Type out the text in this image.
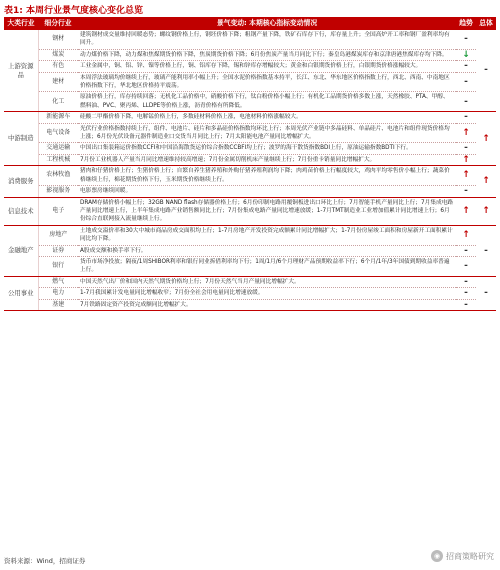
表1: 本周行业景气度核心变化总览
大类行业	细分行业	景气变动: 本期核心指标变动情况	趋势	总体
上游资源品	钢材	建筑钢材成交量维持回暖态势；螺纹钢价格上行，钢坯价格下降；粗钢产量下降，铁矿石库存下行，库存量上升；全国高炉开工率和钢厂盈利率均有回升。	-	-
	煤炭	动力煤价格下降，动力煤和焦煤期货价格下降，焦炭期货价格下降；6月份焦炭产量当月同比下行；秦皇岛港煤炭库存和京津唐港焦煤库存均下降。	↓	
	有色	工业金属中，铜、铝、锌、镍等价格上行，铜、铝库存下降，锡和锌库存增幅较大；黄金和白银期货价格上行，白银期货价格涨幅较大。	-	
	建材	本周浮法玻璃均价继续上行，玻璃产能利用率小幅上升；全国水泥价格指数基本持平，长江、东北、华东地区价格指数上行，西北、西南、中南地区价格指数下行，华北地区价格持平震荡。	-	
	化工	原油价格上行，库存持续回落；无机化工品价格中，硝酸价格下行，钛白粉价格小幅上行；有机化工品期货价格多数上涨，天然橡胶、PTA、甲醇、燃料油、PVC、聚丙烯、LLDPE等价格上涨，沥青价格有所降低。	-	
中游制造	新能源车	硅酸二甲酯价格下降，电解锰价格上行，多数硅材料价格上涨，电池材料价格涨幅较大。	-	↑
	电气设备	光伏行业价格指数持续上行，组件、电池片、硅片和多晶硅价格指数均环比上行；本周光伏产业链中多晶硅料、单晶硅片、电池片和组件现货价格均上涨；6月份光伏设备元器件制造业口交货当月同比上行；7月太阳能电池产量同比增幅扩大。	↑	
	交通运输	中国出口集装箱运价指数CCFI和中国沿海散货运价综合指数CCBFI均上行；波罗的海干散货指数BDI上行，原油运输指数BDTI下行。	-	
	工程机械	7月份工业机器人产量当月同比增速维持较高增速；7月份金属切削机床产量继续上行；7月份重卡销量同比增幅扩大。	↑	
消费服务	农林牧渔	猪肉和仔猪价格上行；生猪价格上行；自繁自养生猪养殖和外购仔猪养殖利润均下降；肉鸡苗价格上行幅度较大，鸡肉平均零售价小幅上行；蔬菜价格继续上行，棉花期货价格下行，玉米期货价格继续上行。	↑	↑
	影视服务	电影票房继续回暖。	-	
信息技术	电子	DRAM存储价格小幅上行；32GB NAND flash存储器价格上行；6月份印制电路用覆铜板进出口环比上行；7月智能手机产量同比上行；7月集成电路产量同比增速上行，上半年集成电路产业销售额同比上行；7月份集成电路产量同比增速放缓；1-7月TMT制造业工业增加值累计同比增速上行；6月份综合直联网接入流量继续上行。	↑	↑
金融地产	房地产	土地成交溢价率和30大中城市商品房成交面积均上行；1-7月房地产开发投资完成额累计同比增幅扩大；1-7月份房屋竣工面积和房屋新开工面积累计同比均下降。	↑	-
	证券	A股成交额和换手率下行。	-	
	银行	货币市场净投放；隔夜/1周SHIBOR利率和银行同业拆借利率均下行；1周/1月/6个月理财产品预期收益率下行；6个月/1年/3年国债到期收益率普遍上行。	-	
公用事业	燃气	中国天然气出厂价和国内天然气期货价格均上行；7月份天然气当月产量同比增幅扩大。	-	-
	电力	1-7月我国累计发电量同比增幅收窄；7月份全社会用电量同比增速放缓。	-	
	基建	7月铁路固定资产投资完成额同比增幅扩大。	-	
资料来源：Wind，招商证券
◉ 招商策略研究
